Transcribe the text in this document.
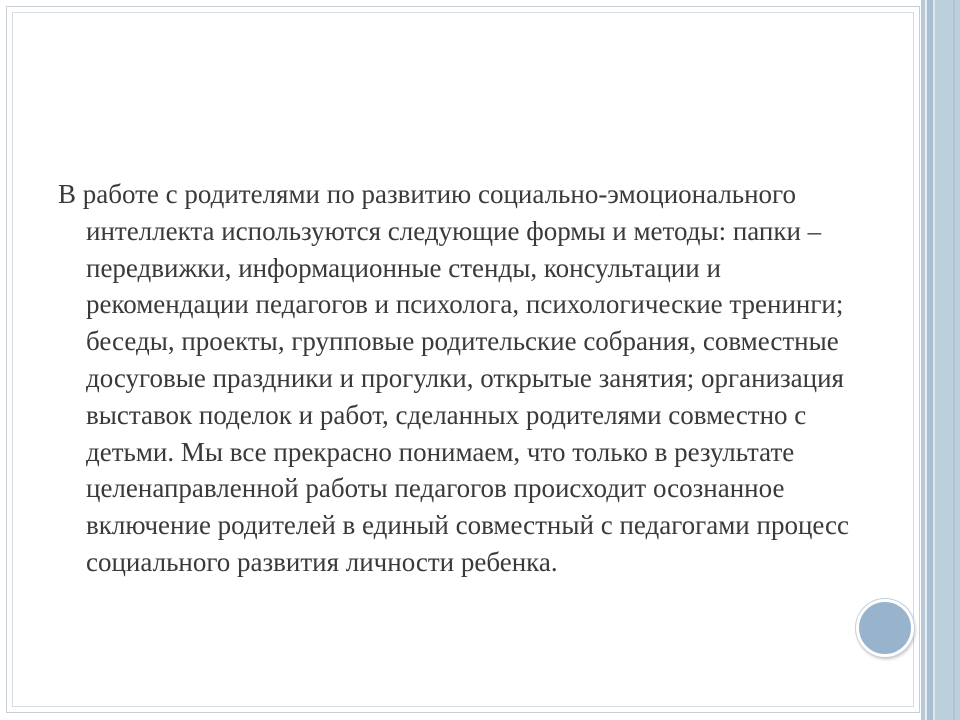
В работе с родителями по развитию социально-эмоционального интеллекта используются следующие формы и методы: папки – передвижки, информационные стенды, консультации и рекомендации педагогов и психолога, психологические тренинги; беседы, проекты, групповые родительские собрания, совместные досуговые праздники и прогулки, открытые занятия; организация выставок поделок и работ, сделанных родителями совместно с детьми. Мы все прекрасно понимаем, что только в результате целенаправленной работы педагогов происходит осознанное включение родителей в единый совместный с педагогами процесс социального развития личности ребенка.
